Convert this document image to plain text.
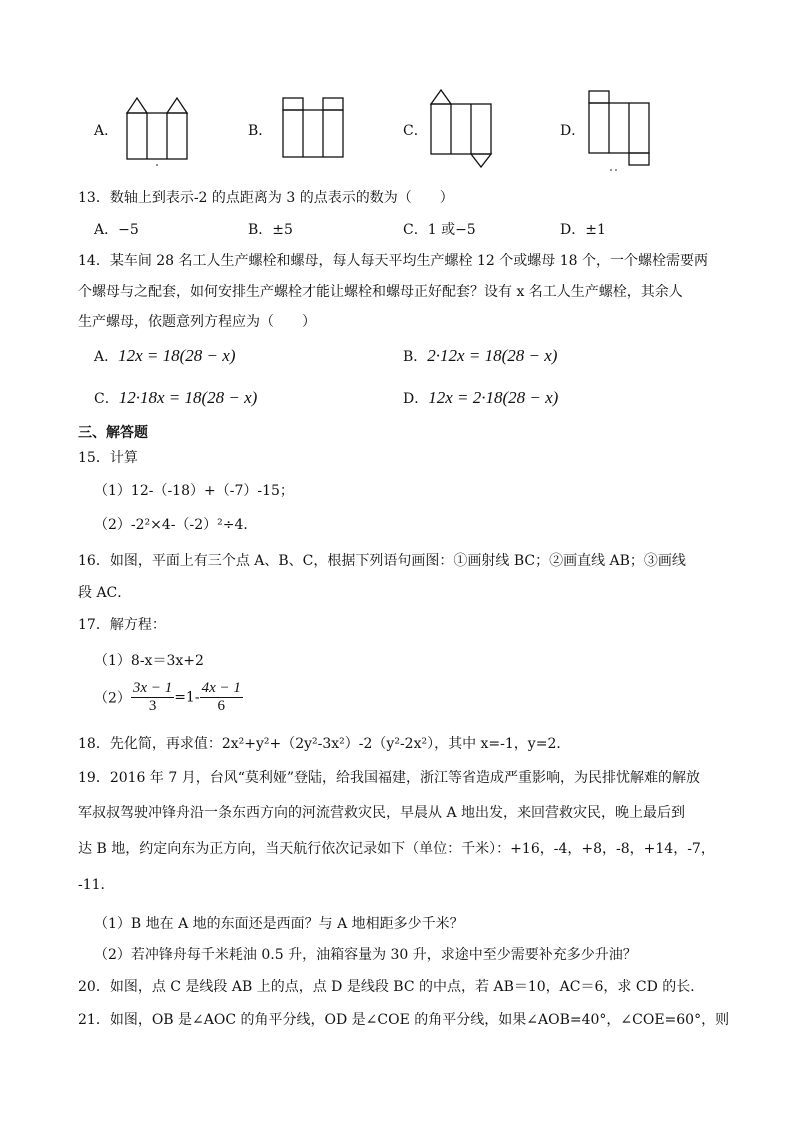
A．	B．	C．	D．
13．数轴上到表示-2 的点距离为 3 的点表示的数为（　　）
A．−5	B．±5	C．1 或−5	D．±1
14．某车间 28 名工人生产螺栓和螺母，每人每天平均生产螺栓 12 个或螺母 18 个，一个螺栓需要两
个螺母与之配套，如何安排生产螺栓才能让螺栓和螺母正好配套？设有 x 名工人生产螺栓，其余人
生产螺母，依题意列方程应为（　　）
A．12x = 18(28 − x)	B．2·12x = 18(28 − x)
C．12·18x = 18(28 − x)	D．12x = 2·18(28 − x)
三、解答题
15．计算
（1）12-（-18）+（-7）-15；
（2）-2²×4-（-2）²÷4．
16．如图，平面上有三个点 A、B、C，根据下列语句画图：①画射线 BC；②画直线 AB；③画线
段 AC．
17．解方程：
（1）8-x＝3x+2
$(2) \frac{3x - 1}{3} =1- \frac{4x - 1}{6}$
18．先化简，再求值：2x²+y²+（2y²-3x²）-2（y²-2x²），其中 x=-1，y=2．
19．2016 年 7 月，台风“莫利娅”登陆，给我国福建，浙江等省造成严重影响，为民排忧解难的解放
军叔叔驾驶冲锋舟沿一条东西方向的河流营救灾民，早晨从 A 地出发，来回营救灾民，晚上最后到
达 B 地，约定向东为正方向，当天航行依次记录如下（单位：千米）：+16，-4，+8，-8，+14，-7，
-11．
（1）B 地在 A 地的东面还是西面？与 A 地相距多少千米？
（2）若冲锋舟每千米耗油 0.5 升，油箱容量为 30 升，求途中至少需要补充多少升油？
20．如图，点 C 是线段 AB 上的点，点 D 是线段 BC 的中点，若 AB＝10，AC＝6，求 CD 的长．
21．如图，OB 是∠AOC 的角平分线，OD 是∠COE 的角平分线，如果∠AOB=40°，∠COE=60°，则
